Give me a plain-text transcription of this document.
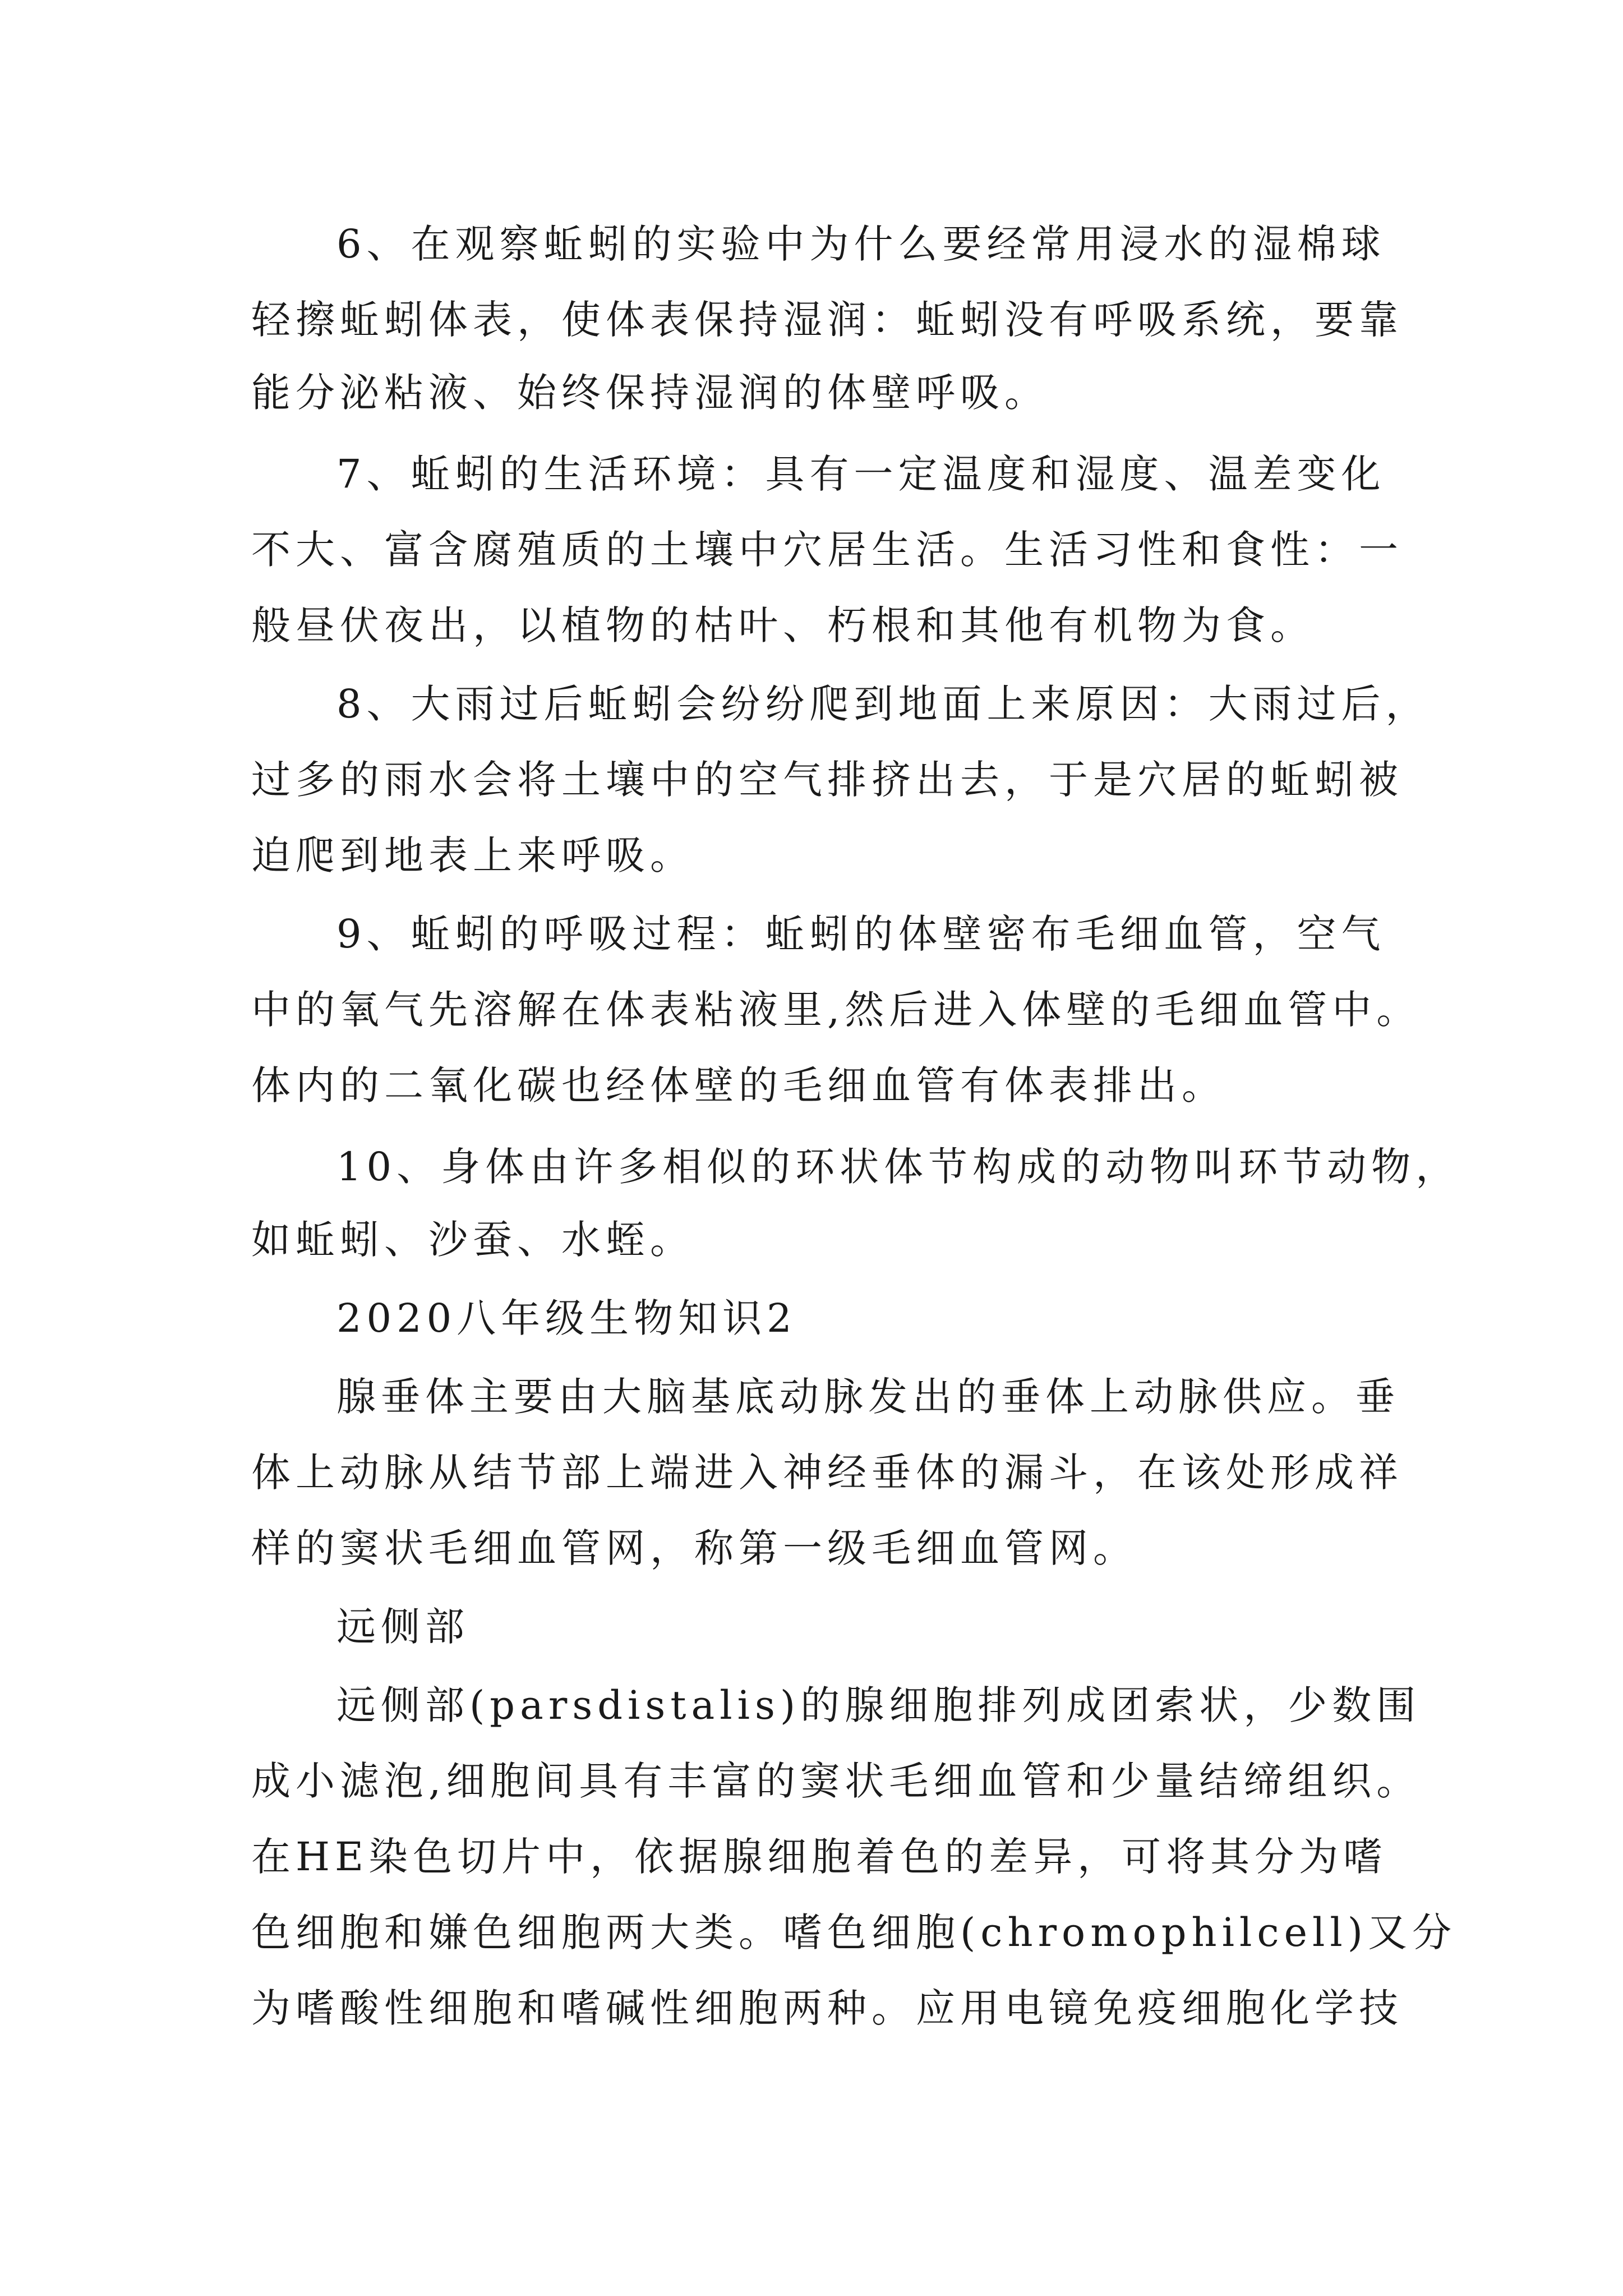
6、在观察蚯蚓的实验中为什么要经常用浸水的湿棉球
轻擦蚯蚓体表，使体表保持湿润：蚯蚓没有呼吸系统，要靠
能分泌粘液、始终保持湿润的体壁呼吸。
7、蚯蚓的生活环境：具有一定温度和湿度、温差变化
不大、富含腐殖质的土壤中穴居生活。生活习性和食性：一
般昼伏夜出，以植物的枯叶、朽根和其他有机物为食。
8、大雨过后蚯蚓会纷纷爬到地面上来原因：大雨过后，
过多的雨水会将土壤中的空气排挤出去，于是穴居的蚯蚓被
迫爬到地表上来呼吸。
9、蚯蚓的呼吸过程：蚯蚓的体壁密布毛细血管，空气
中的氧气先溶解在体表粘液里,然后进入体壁的毛细血管中。
体内的二氧化碳也经体壁的毛细血管有体表排出。
10、身体由许多相似的环状体节构成的动物叫环节动物，
如蚯蚓、沙蚕、水蛭。
2020八年级生物知识2
腺垂体主要由大脑基底动脉发出的垂体上动脉供应。垂
体上动脉从结节部上端进入神经垂体的漏斗，在该处形成祥
样的窦状毛细血管网，称第一级毛细血管网。
远侧部
远侧部(parsdistalis)的腺细胞排列成团索状，少数围
成小滤泡,细胞间具有丰富的窦状毛细血管和少量结缔组织。
在HE染色切片中，依据腺细胞着色的差异，可将其分为嗜
色细胞和嫌色细胞两大类。嗜色细胞(chromophilcell)又分
为嗜酸性细胞和嗜碱性细胞两种。应用电镜免疫细胞化学技
